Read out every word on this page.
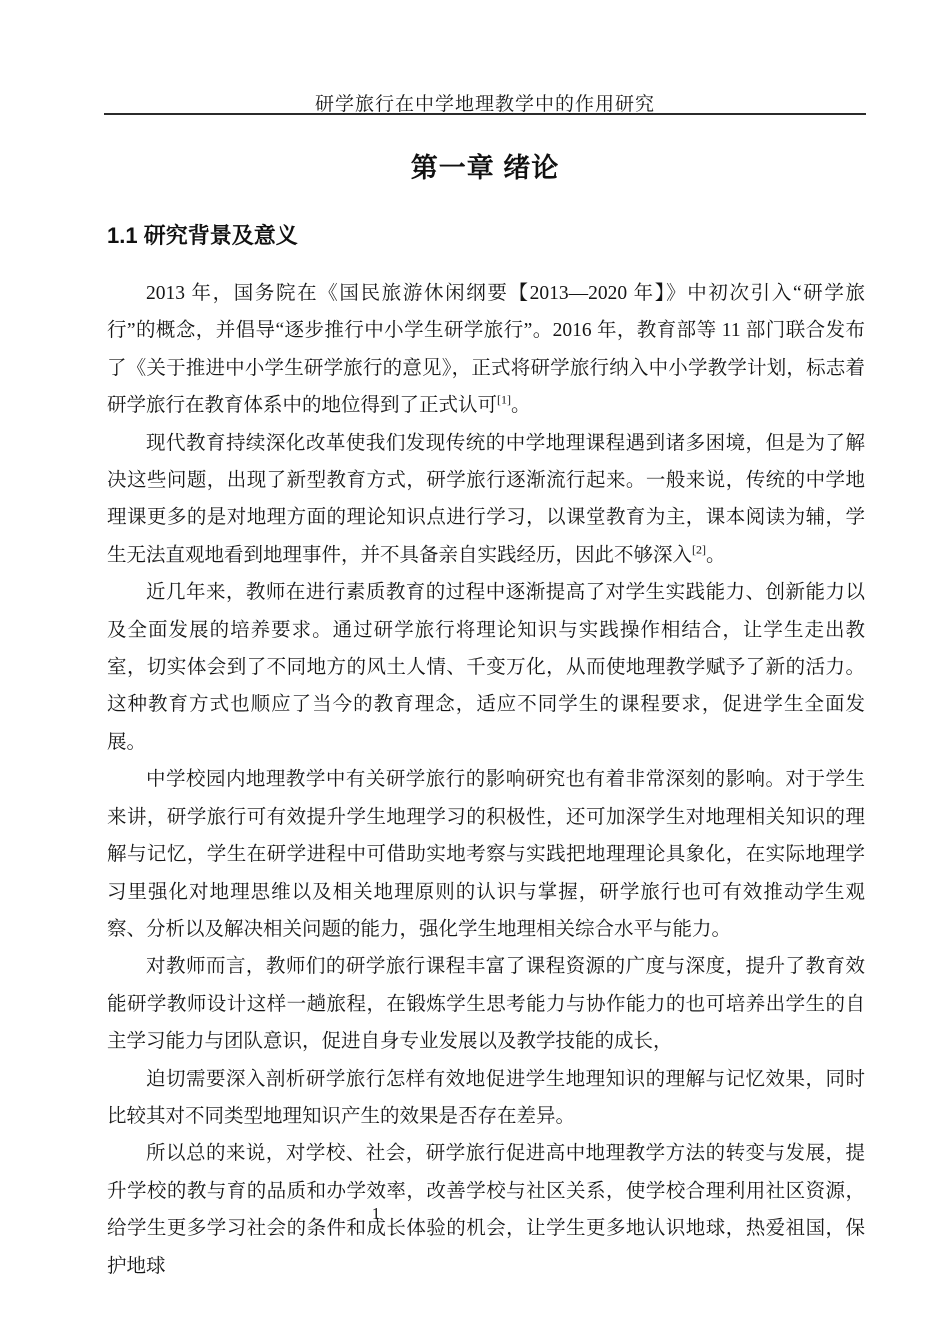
研学旅行在中学地理教学中的作用研究
第一章 绪论
1.1 研究背景及意义

2013 年，国务院在《国民旅游休闲纲要【2013—2020 年】》中初次引入“研学旅行”的概念，并倡导“逐步推行中小学生研学旅行”。2016 年，教育部等 11 部门联合发布了《关于推进中小学生研学旅行的意见》，正式将研学旅行纳入中小学教学计划，标志着研学旅行在教育体系中的地位得到了正式认可[1]。

现代教育持续深化改革使我们发现传统的中学地理课程遇到诸多困境，但是为了解决这些问题，出现了新型教育方式，研学旅行逐渐流行起来。一般来说，传统的中学地理课更多的是对地理方面的理论知识点进行学习，以课堂教育为主，课本阅读为辅，学生无法直观地看到地理事件，并不具备亲自实践经历，因此不够深入[2]。

近几年来，教师在进行素质教育的过程中逐渐提高了对学生实践能力、创新能力以及全面发展的培养要求。通过研学旅行将理论知识与实践操作相结合，让学生走出教室，切实体会到了不同地方的风土人情、千变万化，从而使地理教学赋予了新的活力。这种教育方式也顺应了当今的教育理念，适应不同学生的课程要求，促进学生全面发展。

中学校园内地理教学中有关研学旅行的影响研究也有着非常深刻的影响。对于学生来讲，研学旅行可有效提升学生地理学习的积极性，还可加深学生对地理相关知识的理解与记忆，学生在研学进程中可借助实地考察与实践把地理理论具象化，在实际地理学习里强化对地理思维以及相关地理原则的认识与掌握，研学旅行也可有效推动学生观察、分析以及解决相关问题的能力，强化学生地理相关综合水平与能力。

对教师而言，教师们的研学旅行课程丰富了课程资源的广度与深度，提升了教育效能研学教师设计这样一趟旅程，在锻炼学生思考能力与协作能力的也可培养出学生的自主学习能力与团队意识，促进自身专业发展以及教学技能的成长，

迫切需要深入剖析研学旅行怎样有效地促进学生地理知识的理解与记忆效果，同时比较其对不同类型地理知识产生的效果是否存在差异。

所以总的来说，对学校、社会，研学旅行促进高中地理教学方法的转变与发展，提升学校的教与育的品质和办学效率，改善学校与社区关系，使学校合理利用社区资源，给学生更多学习社会的条件和成长体验的机会，让学生更多地认识地球，热爱祖国，保护地球

1
